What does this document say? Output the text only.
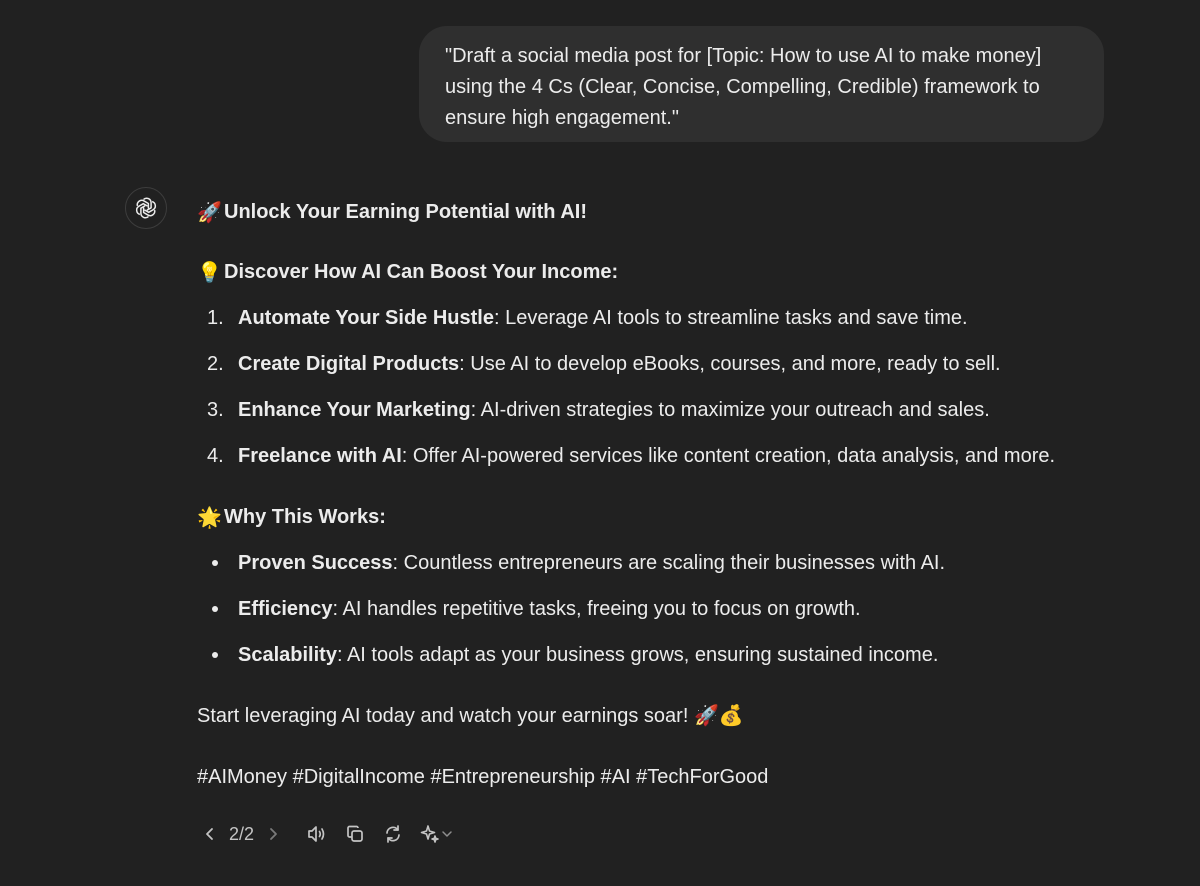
"Draft a social media post for [Topic: How to use AI to make money]
using the 4 Cs (Clear, Concise, Compelling, Credible) framework to
ensure high engagement."
🚀 Unlock Your Earning Potential with AI!
💡 Discover How AI Can Boost Your Income:
1. Automate Your Side Hustle: Leverage AI tools to streamline tasks and save time.
2. Create Digital Products: Use AI to develop eBooks, courses, and more, ready to sell.
3. Enhance Your Marketing: AI-driven strategies to maximize your outreach and sales.
4. Freelance with AI: Offer AI-powered services like content creation, data analysis, and more.
🌟 Why This Works:
Proven Success: Countless entrepreneurs are scaling their businesses with AI.
Efficiency: AI handles repetitive tasks, freeing you to focus on growth.
Scalability: AI tools adapt as your business grows, ensuring sustained income.
Start leveraging AI today and watch your earnings soar! 🚀💰
#AIMoney #DigitalIncome #Entrepreneurship #AI #TechForGood
2/2
